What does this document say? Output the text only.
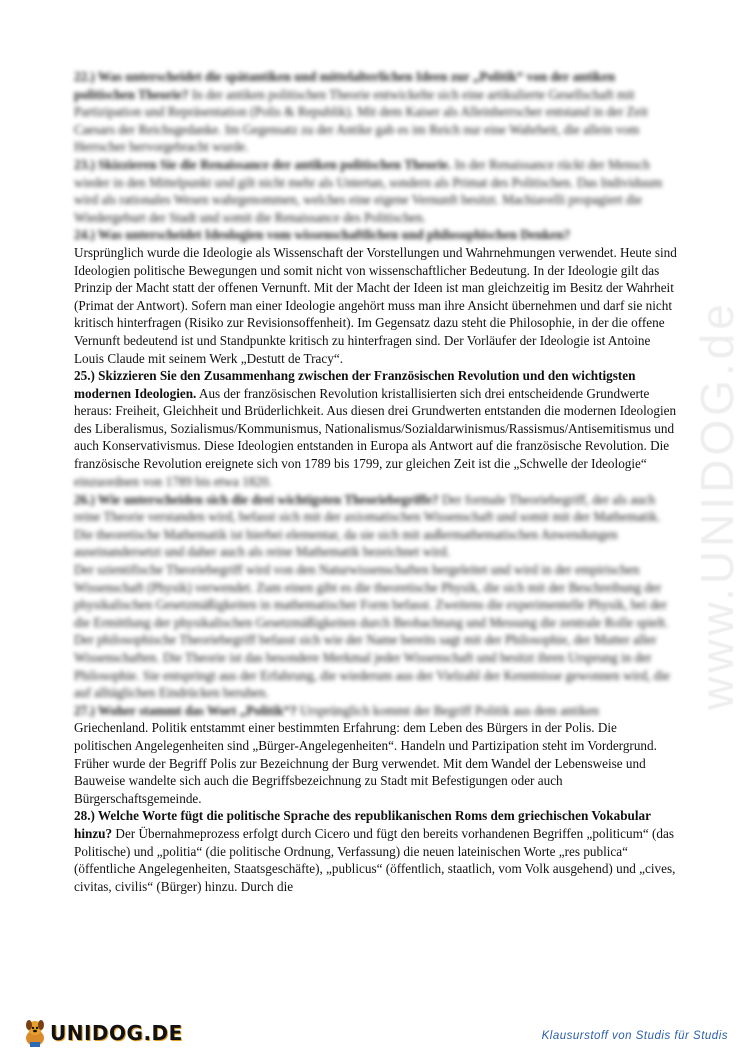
www.UNIDOG.de

22.) Was unterscheidet die spätantiken und mittelalterlichen Ideen zur „Politik“ von der antiken politischen Theorie? In der antiken politischen Theorie entwickelte sich eine artikulierte Gesellschaft mit Partizipation und Repräsentation (Polis & Republik). Mit dem Kaiser als Alleinherrscher entstand in der Zeit Caesars der Reichsgedanke. Im Gegensatz zu der Antike gab es im Reich nur eine Wahrheit, die allein vom Herrscher hervorgebracht wurde.

23.) Skizzieren Sie die Renaissance der antiken politischen Theorie. In der Renaissance rückt der Mensch wieder in den Mittelpunkt und gilt nicht mehr als Untertan, sondern als Primat des Politischen. Das Individuum wird als rationales Wesen wahrgenommen, welches eine eigene Vernunft besitzt. Machiavelli propagiert die Wiedergeburt der Stadt und somit die Renaissance des Politischen.

24.) Was unterscheidet Ideologien vom wissenschaftlichen und philosophischen Denken?

Ursprünglich wurde die Ideologie als Wissenschaft der Vorstellungen und Wahrnehmungen verwendet. Heute sind Ideologien politische Bewegungen und somit nicht von wissenschaftlicher Bedeutung. In der Ideologie gilt das Prinzip der Macht statt der offenen Vernunft. Mit der Macht der Ideen ist man gleichzeitig im Besitz der Wahrheit (Primat der Antwort). Sofern man einer Ideologie angehört muss man ihre Ansicht übernehmen und darf sie nicht kritisch hinterfragen (Risiko zur Revisionsoffenheit). Im Gegensatz dazu steht die Philosophie, in der die offene Vernunft bedeutend ist und Standpunkte kritisch zu hinterfragen sind. Der Vorläufer der Ideologie ist Antoine Louis Claude mit seinem Werk „Destutt de Tracy“.

25.) Skizzieren Sie den Zusammenhang zwischen der Französischen Revolution und den wichtigsten modernen Ideologien. Aus der französischen Revolution kristallisierten sich drei entscheidende Grundwerte heraus: Freiheit, Gleichheit und Brüderlichkeit. Aus diesen drei Grundwerten entstanden die modernen Ideologien des Liberalismus, Sozialismus/Kommunismus, Nationalismus/Sozialdarwinismus/Rassismus/Antisemitismus und auch Konservativismus. Diese Ideologien entstanden in Europa als Antwort auf die französische Revolution. Die französische Revolution ereignete sich von 1789 bis 1799, zur gleichen Zeit ist die „Schwelle der Ideologie“

einzuordnen von 1789 bis etwa 1820.

26.) Wie unterscheiden sich die drei wichtigsten Theoriebegriffe? Der formale Theoriebegriff, der als auch reine Theorie verstanden wird, befasst sich mit der axiomatischen Wissenschaft und somit mit der Mathematik. Die theoretische Mathematik ist hierbei elementar, da sie sich mit außermathematischen Anwendungen auseinandersetzt und daher auch als reine Mathematik bezeichnet wird.

Der szientifische Theoriebegriff wird von den Naturwissenschaften hergeleitet und wird in der empirischen Wissenschaft (Physik) verwendet. Zum einen gibt es die theoretische Physik, die sich mit der Beschreibung der physikalischen Gesetzmäßigkeiten in mathematischer Form befasst. Zweitens die experimentelle Physik, bei der die Ermittlung der physikalischen Gesetzmäßigkeiten durch Beobachtung und Messung die zentrale Rolle spielt.

Der philosophische Theoriebegriff befasst sich wie der Name bereits sagt mit der Philosophie, der Mutter aller Wissenschaften. Die Theorie ist das besondere Merkmal jeder Wissenschaft und besitzt ihren Ursprung in der Philosophie. Sie entspringt aus der Erfahrung, die wiederum aus der Vielzahl der Kenntnisse gewonnen wird, die auf alltäglichen Eindrücken beruhen.

27.) Woher stammt das Wort „Politik“? Ursprünglich kommt der Begriff Politik aus dem antiken

Griechenland. Politik entstammt einer bestimmten Erfahrung: dem Leben des Bürgers in der Polis. Die politischen Angelegenheiten sind „Bürger-Angelegenheiten“. Handeln und Partizipation steht im Vordergrund. Früher wurde der Begriff Polis zur Bezeichnung der Burg verwendet. Mit dem Wandel der Lebensweise und Bauweise wandelte sich auch die Begriffsbezeichnung zu Stadt mit Befestigungen oder auch Bürgerschaftsgemeinde.

28.) Welche Worte fügt die politische Sprache des republikanischen Roms dem griechischen Vokabular hinzu? Der Übernahmeprozess erfolgt durch Cicero und fügt den bereits vorhandenen Begriffen „politicum“ (das Politische) und „politia“ (die politische Ordnung, Verfassung) die neuen lateinischen Worte „res publica“ (öffentliche Angelegenheiten, Staatsgeschäfte), „publicus“ (öffentlich, staatlich, vom Volk ausgehend) und „cives, civitas, civilis“ (Bürger) hinzu. Durch die

UNIDOG.DE	Klausurstoff von Studis für Studis
